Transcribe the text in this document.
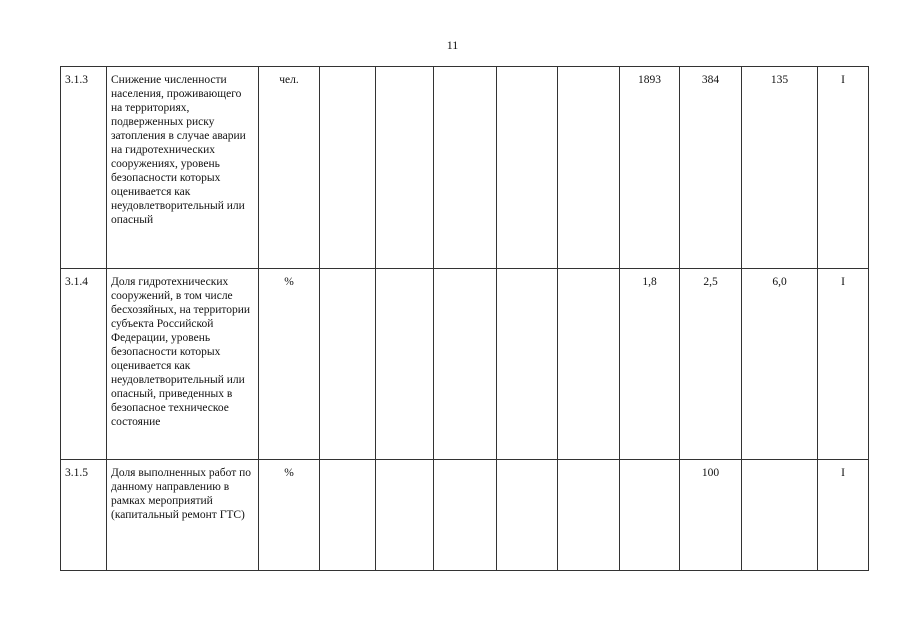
11
3.1.3	Снижение численности населения, проживающего на территориях, подверженных риску затопления в случае аварии на гидротехнических сооружениях, уровень безопасности которых оценивается как неудовлетворительный или опасный	чел.						1893	384	135	I
3.1.4	Доля гидротехнических сооружений, в том числе бесхозяйных, на территории субъекта Российской Федерации, уровень безопасности которых оценивается как неудовлетворительный или опасный, приведенных в безопасное техническое состояние	%						1,8	2,5	6,0	I
3.1.5	Доля выполненных работ по данному направлению в рамках мероприятий (капитальный ремонт ГТС)	%							100		I
